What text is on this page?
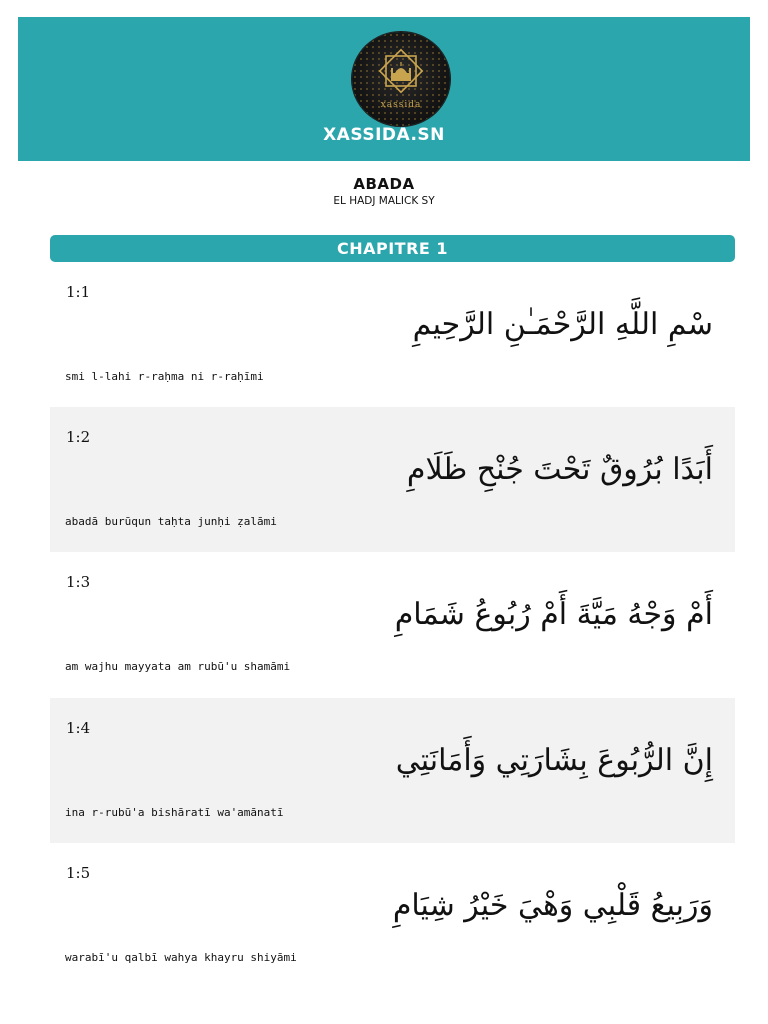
xassida
XASSIDA.SN
ABADA
EL HADJ MALICK SY
CHAPITRE 1
1:1
سْمِ اللَّهِ الرَّحْمَـٰنِ الرَّحِيمِ
smi l-lahi r-raḥma ni r-raḥīmi
1:2
أَبَدًا بُرُوقٌ تَحْتَ جُنْحِ ظَلَامِ
abadā burūqun taḥta junḥi ẓalāmi
1:3
أَمْ وَجْهُ مَيَّةَ أَمْ رُبُوعُ شَمَامِ
am wajhu mayyata am rubū'u shamāmi
1:4
إِنَّ الرُّبُوعَ بِشَارَتِي وَأَمَانَتِي
ina r-rubū'a bishāratī wa'amānatī
1:5
وَرَبِيعُ قَلْبِي وَهْيَ خَيْرُ شِيَامِ
warabī'u qalbī wahya khayru shiyāmi
